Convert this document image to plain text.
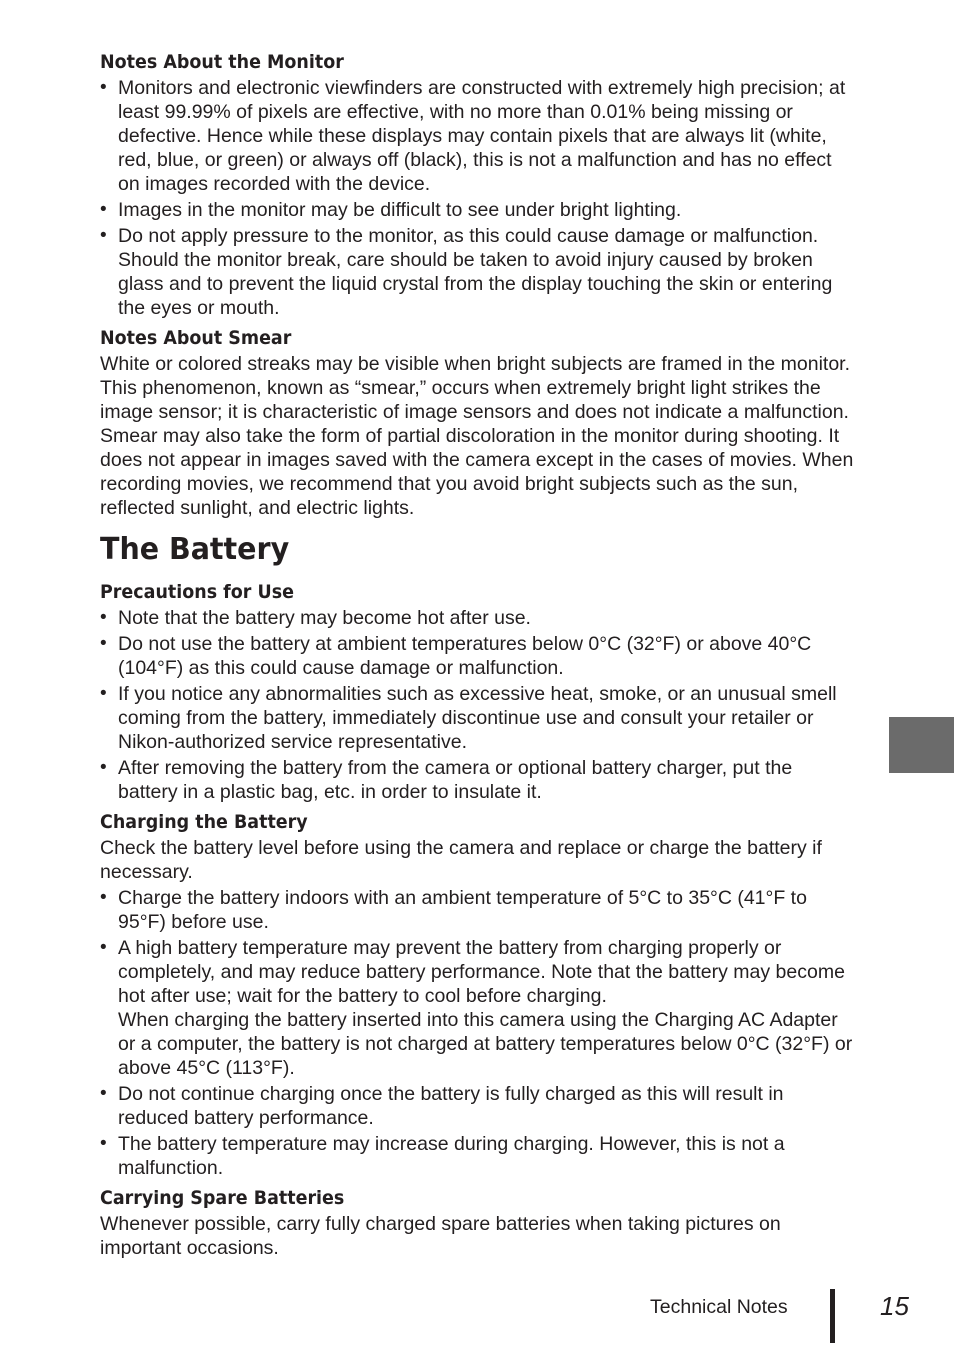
Notes About the Monitor
• Monitors and electronic viewfinders are constructed with extremely high precision; at least 99.99% of pixels are effective, with no more than 0.01% being missing or defective. Hence while these displays may contain pixels that are always lit (white, red, blue, or green) or always off (black), this is not a malfunction and has no effect on images recorded with the device.
• Images in the monitor may be difficult to see under bright lighting.
• Do not apply pressure to the monitor, as this could cause damage or malfunction. Should the monitor break, care should be taken to avoid injury caused by broken glass and to prevent the liquid crystal from the display touching the skin or entering the eyes or mouth.
Notes About Smear

White or colored streaks may be visible when bright subjects are framed in the monitor. This phenomenon, known as “smear,” occurs when extremely bright light strikes the image sensor; it is characteristic of image sensors and does not indicate a malfunction. Smear may also take the form of partial discoloration in the monitor during shooting. It does not appear in images saved with the camera except in the cases of movies. When recording movies, we recommend that you avoid bright subjects such as the sun, reflected sunlight, and electric lights.

The Battery
Precautions for Use
• Note that the battery may become hot after use.
• Do not use the battery at ambient temperatures below 0°C (32°F) or above 40°C (104°F) as this could cause damage or malfunction.
• If you notice any abnormalities such as excessive heat, smoke, or an unusual smell coming from the battery, immediately discontinue use and consult your retailer or Nikon-authorized service representative.
• After removing the battery from the camera or optional battery charger, put the battery in a plastic bag, etc. in order to insulate it.
Charging the Battery

Check the battery level before using the camera and replace or charge the battery if necessary.

• Charge the battery indoors with an ambient temperature of 5°C to 35°C (41°F to 95°F) before use.
• A high battery temperature may prevent the battery from charging properly or completely, and may reduce battery performance. Note that the battery may become hot after use; wait for the battery to cool before charging.
When charging the battery inserted into this camera using the Charging AC Adapter or a computer, the battery is not charged at battery temperatures below 0°C (32°F) or above 45°C (113°F).
• Do not continue charging once the battery is fully charged as this will result in reduced battery performance.
• The battery temperature may increase during charging. However, this is not a malfunction.
Carrying Spare Batteries

Whenever possible, carry fully charged spare batteries when taking pictures on important occasions.

Technical Notes	15
